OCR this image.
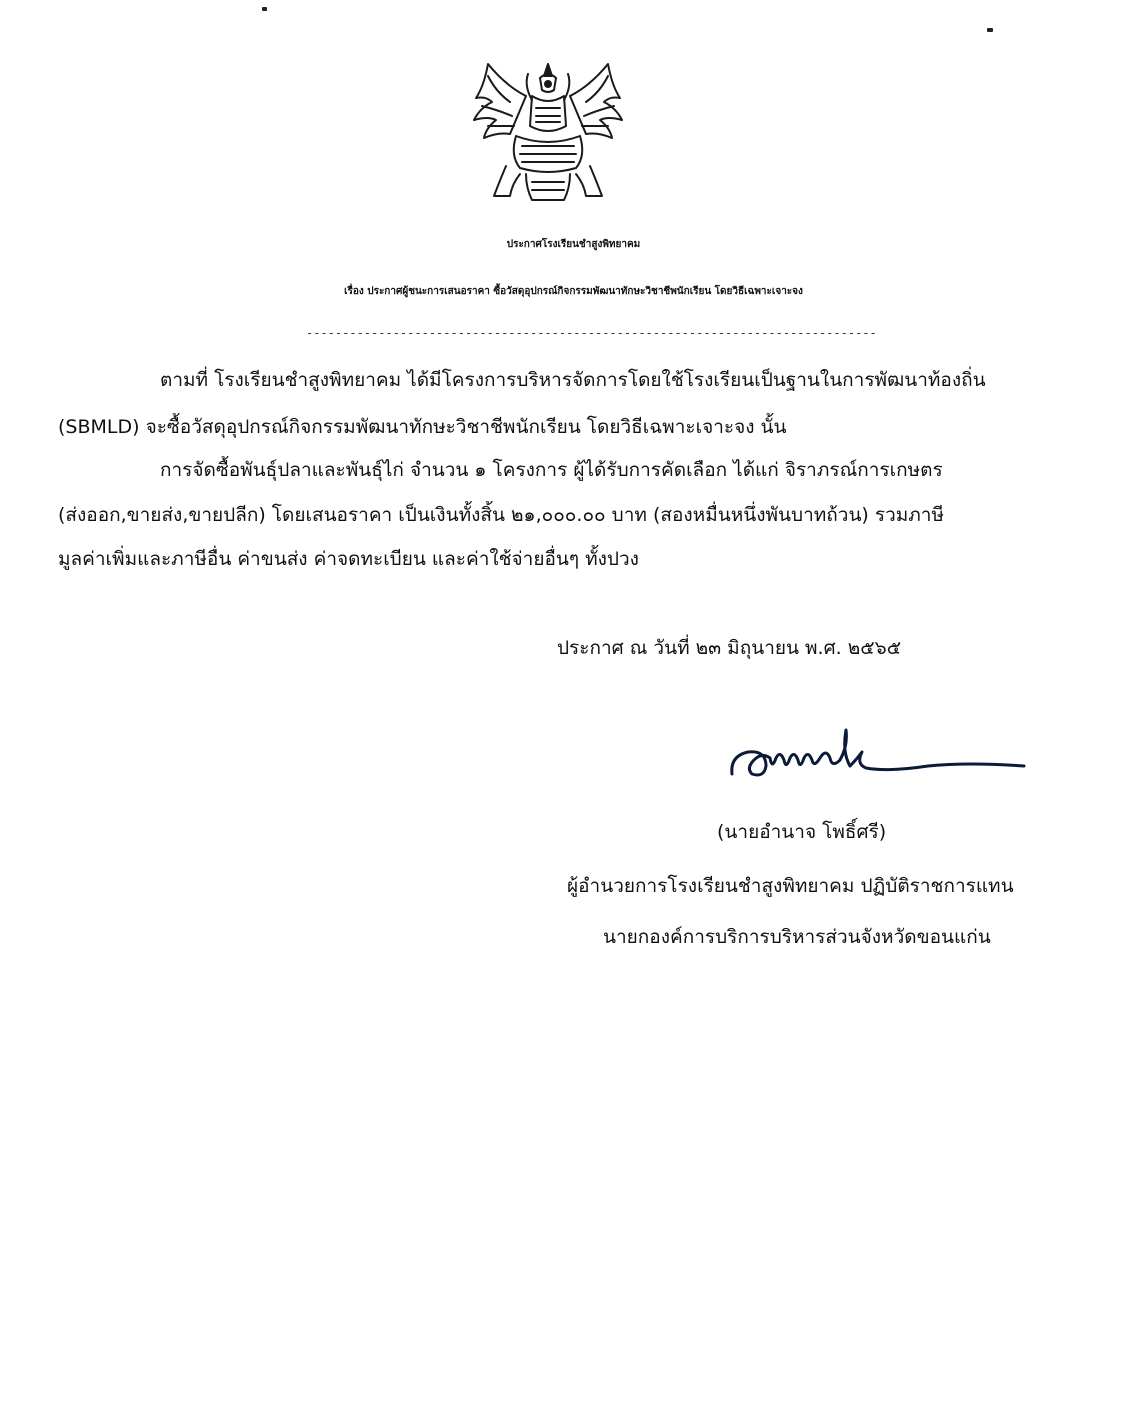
ประกาศโรงเรียนชำสูงพิทยาคม
เรื่อง ประกาศผู้ชนะการเสนอราคา ซื้อวัสดุอุปกรณ์กิจกรรมพัฒนาทักษะวิชาชีพนักเรียน โดยวิธีเฉพาะเจาะจง
-------------------------------------------------------------------------------
ตามที่ โรงเรียนชำสูงพิทยาคม ได้มีโครงการบริหารจัดการโดยใช้โรงเรียนเป็นฐานในการพัฒนาท้องถิ่น
(SBMLD) จะซื้อวัสดุอุปกรณ์กิจกรรมพัฒนาทักษะวิชาชีพนักเรียน โดยวิธีเฉพาะเจาะจง นั้น
การจัดซื้อพันธุ์ปลาและพันธุ์ไก่ จำนวน ๑ โครงการ ผู้ได้รับการคัดเลือก ได้แก่ จิราภรณ์การเกษตร
(ส่งออก,ขายส่ง,ขายปลีก) โดยเสนอราคา เป็นเงินทั้งสิ้น ๒๑,๐๐๐.๐๐ บาท (สองหมื่นหนึ่งพันบาทถ้วน) รวมภาษี
มูลค่าเพิ่มและภาษีอื่น ค่าขนส่ง ค่าจดทะเบียน และค่าใช้จ่ายอื่นๆ ทั้งปวง
ประกาศ ณ วันที่ ๒๓ มิถุนายน พ.ศ. ๒๕๖๕
(นายอำนาจ โพธิ์ศรี)
ผู้อำนวยการโรงเรียนชำสูงพิทยาคม ปฏิบัติราชการแทน
นายกองค์การบริการบริหารส่วนจังหวัดขอนแก่น
